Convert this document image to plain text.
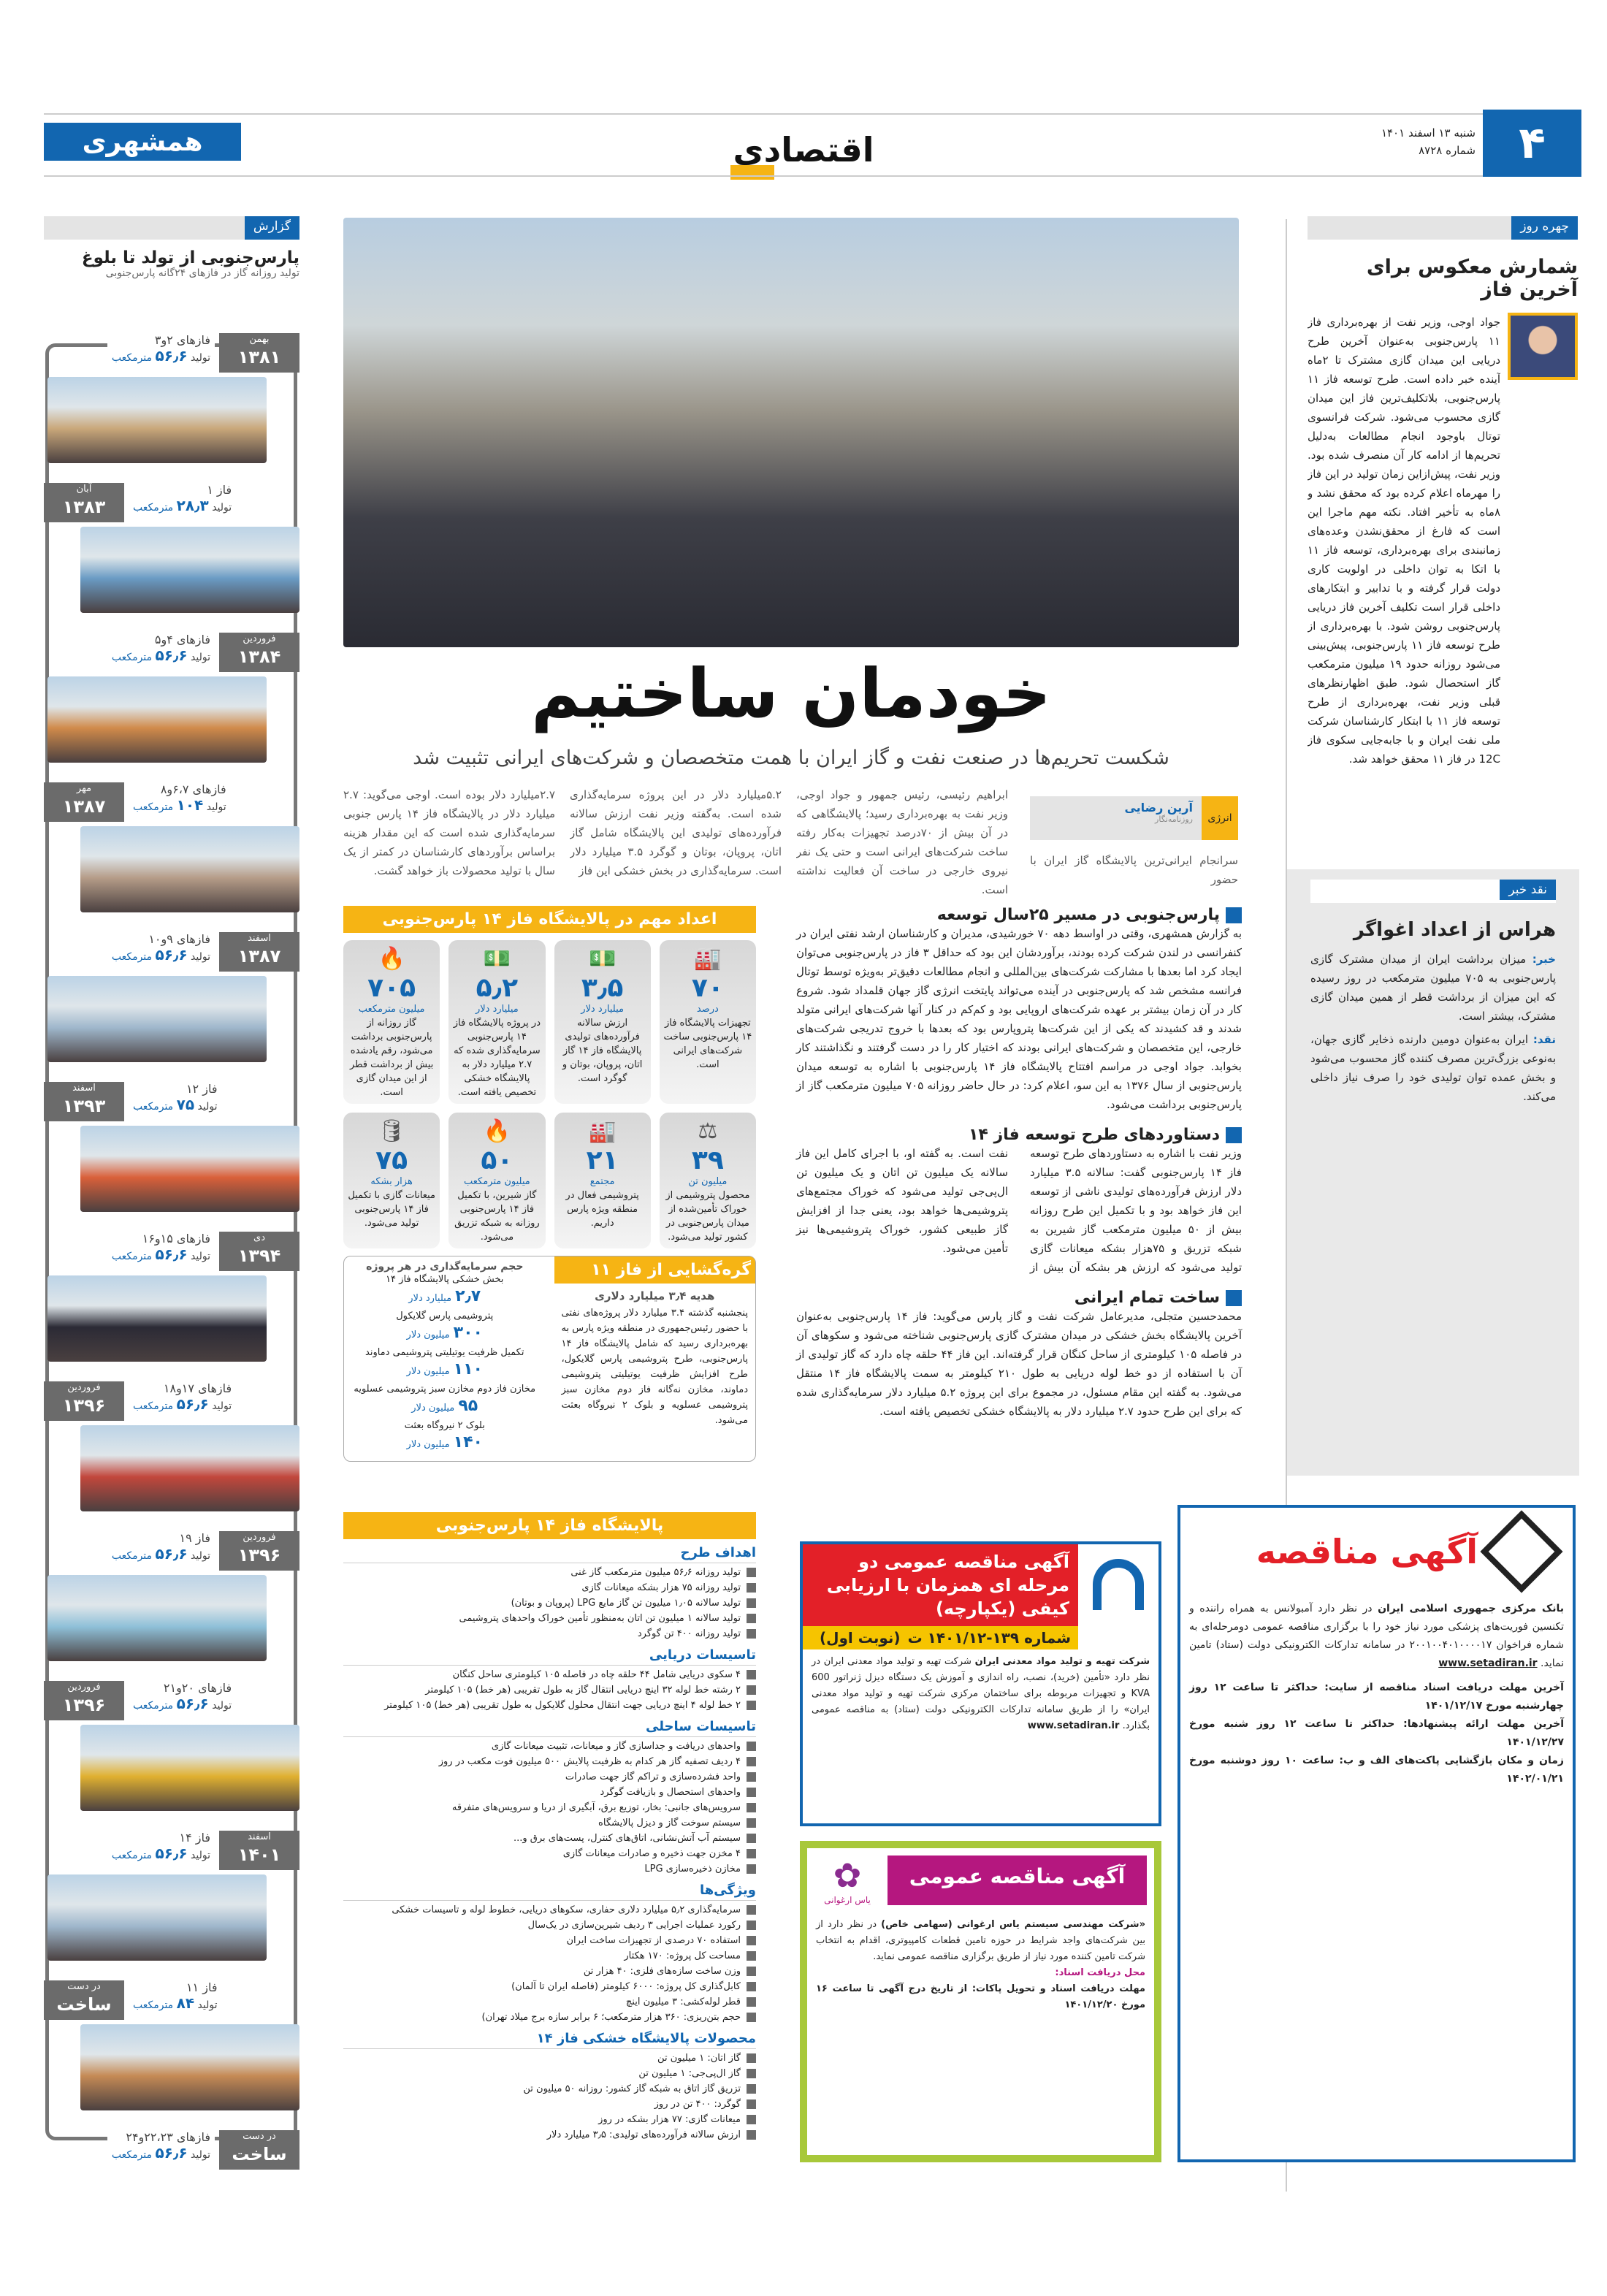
۴
شنبه ۱۳ اسفند ۱۴۰۱
شماره ۸۷۲۸
اقتصادی
همشهری
چهره روز
شمارش معکوس برای آخرین فاز
جواد اوجی، وزیر نفت از بهره‌برداری فاز ۱۱ پارس‌جنوبی به‌عنوان آخرین طرح دریایی این میدان گازی مشترک تا ۲ماه آینده خبر داده است. طرح توسعه فاز ۱۱ پارس‌جنوبی، بلاتکلیف‌ترین فاز این میدان گازی محسوب می‌شود. شرکت فرانسوی توتال باوجود انجام مطالعات به‌دلیل تحریم‌ها از ادامه کار آن منصرف شده بود. وزیر نفت، پیش‌ازاین زمان تولید در این فاز را مهرماه اعلام کرده بود که محقق نشد و ۸ماه به تأخیر افتاد. نکته مهم ماجرا این است که فارغ از محقق‌نشدن وعده‌های زمانبندی برای بهره‌برداری، توسعه فاز ۱۱ با اتکا به توان داخلی در اولویت کاری دولت قرار گرفته و با تدابیر و ابتکارهای داخلی قرار است تکلیف آخرین فاز دریایی پارس‌جنوبی روشن شود. با بهره‌برداری از طرح توسعه فاز ۱۱ پارس‌جنوبی، پیش‌بینی می‌شود روزانه حدود ۱۹ میلیون مترمکعب گاز استحصال شود. طبق اظهارنظرهای قبلی وزیر نفت، بهره‌برداری از طرح توسعه فاز ۱۱ با ابتکار کارشناسان شرکت ملی نفت ایران و با جابه‌جایی سکوی فاز 12C در فاز ۱۱ محقق خواهد شد.
نقد خبر
هراس از اعداد اغواگر
خبر: میزان برداشت ایران از میدان مشترک گازی پارس‌جنوبی به ۷۰۵ میلیون مترمکعب در روز رسیده که این میزان از برداشت قطر از همین میدان گازی مشترک، بیشتر است.
نقد: ایران به‌عنوان دومین دارنده ذخایر گازی جهان، به‌نوعی بزرگ‌ترین مصرف کننده گاز محسوب می‌شود و بخش عمده توان تولیدی خود را صرف نیاز داخلی می‌کند.
خودمان ساختیم
شکست تحریم‌ها در صنعت نفت و گاز ایران با همت متخصصان و شرکت‌های ایرانی تثبیت شد
انرژی
آرین رضایی
روزنامه‌نگار
سرانجام ایرانی‌ترین پالایشگاه گاز ایران با حضور
ابراهیم رئیسی، رئیس جمهور و جواد اوجی، وزیر نفت به بهره‌برداری رسید؛ پالایشگاهی که در آن بیش از ۷۰درصد تجهیزات به‌کار رفته ساخت شرکت‌های ایرانی است و حتی یک نفر نیروی خارجی در ساخت آن فعالیت نداشته است.
۵.۲میلیارد دلار در این پروژه سرمایه‌گذاری شده است. به‌گفته وزیر نفت ارزش سالانه فرآورده‌های تولیدی این پالایشگاه شامل گاز اتان، پروپان، بوتان و گوگرد ۳.۵ میلیارد دلار است. سرمایه‌گذاری در بخش خشکی این فاز
۲.۷میلیارد دلار بوده است. اوجی می‌گوید: ۲.۷ میلیارد دلار در پالایشگاه فاز ۱۴ پارس جنوبی سرمایه‌گذاری شده است که این مقدار هزینه براساس برآوردهای کارشناسان در کمتر از یک سال با تولید محصولات باز خواهد گشت.
پارس‌جنوبی در مسیر ۲۵سال توسعه
به گزارش همشهری، وقتی در اواسط دهه ۷۰ خورشیدی، مدیران و کارشناسان ارشد نفتی ایران در کنفرانسی در لندن شرکت کرده بودند، برآوردشان این بود که حداقل ۳ فاز در پارس‌جنوبی می‌توان ایجاد کرد اما بعدها با مشارکت شرکت‌های بین‌المللی و انجام مطالعات دقیق‌تر به‌ویژه توسط توتال فرانسه مشخص شد که پارس‌جنوبی در آینده می‌تواند پایتخت انرژی گاز جهان قلمداد شود. شروع کار در آن زمان بیشتر بر عهده شرکت‌های اروپایی بود و کم‌کم در کنار آنها شرکت‌های ایرانی متولد شدند و قد کشیدند که یکی از این شرکت‌ها پتروپارس بود که بعدها با خروج تدریجی شرکت‌های خارجی، این متخصصان و شرکت‌های ایرانی بودند که اختیار کار را در دست گرفتند و نگذاشتند کار بخوابد. جواد اوجی در مراسم افتتاح پالایشگاه فاز ۱۴ پارس‌جنوبی با اشاره به توسعه میدان پارس‌جنوبی از سال ۱۳۷۶ به این سو، اعلام کرد: در حال حاضر روزانه ۷۰۵ میلیون مترمکعب گاز از پارس‌جنوبی برداشت می‌شود.
دستاوردهای طرح توسعه فاز ۱۴
وزیر نفت با اشاره به دستاوردهای طرح توسعه فاز ۱۴ پارس‌جنوبی گفت: سالانه ۳.۵ میلیارد دلار ارزش فرآورده‌های تولیدی ناشی از توسعه این فاز خواهد بود و با تکمیل این طرح روزانه بیش از ۵۰ میلیون مترمکعب گاز شیرین به شبکه تزریق و ۷۵هزار بشکه میعانات گازی تولید می‌شود که ارزش هر بشکه آن بیش از نفت است. به گفته او، با اجرای کامل این فاز سالانه یک میلیون تن اتان و یک میلیون تن ال‌پی‌جی تولید می‌شود که خوراک مجتمع‌های پتروشیمی‌ها خواهد بود، یعنی جدا از افزایش گاز طبیعی کشور، خوراک پتروشیمی‌ها نیز تأمین می‌شود.
ساخت تمام ایرانی
محمدحسین متجلی، مدیرعامل شرکت نفت و گاز پارس می‌گوید: فاز ۱۴ پارس‌جنوبی به‌عنوان آخرین پالایشگاه بخش خشکی در میدان مشترک گازی پارس‌جنوبی شناخته می‌شود و سکوهای آن در فاصله ۱۰۵ کیلومتری از ساحل کنگان قرار گرفته‌اند. این فاز ۴۴ حلقه چاه دارد که گاز تولیدی از آن با استفاده از دو خط لوله دریایی به طول ۲۱۰ کیلومتر به سمت پالایشگاه فاز ۱۴ منتقل می‌شود. به گفته این مقام مسئول، در مجموع برای این پروژه ۵.۲ میلیارد دلار سرمایه‌گذاری شده که برای این طرح حدود ۲.۷ میلیارد دلار به پالایشگاه خشکی تخصیص یافته است.
اعداد مهم در پالایشگاه فاز ۱۴ پارس‌جنوبی
🏭
۷۰
درصد
تجهیزات پالایشگاه فاز ۱۴ پارس‌جنوبی ساخت شرکت‌های ایرانی است.
💵
۳٫۵
میلیارد دلار
ارزش سالانه فرآورده‌های تولیدی پالایشگاه فاز ۱۴ گاز اتان، پروپان، بوتان و گوگرد است.
💵
۵٫۲
میلیارد دلار
در پروژه پالایشگاه فاز ۱۴ پارس‌جنوبی سرمایه‌گذاری شده که ۲.۷ میلیارد دلار به پالایشگاه خشکی تخصیص یافته است.
🔥
۷۰۵
میلیون مترمکعب
گاز روزانه از پارس‌جنوبی برداشت می‌شود، رقم یادشده بیش از برداشت قطر از این میدان گازی است.
⚖
۳۹
میلیون تن
محصول پتروشیمی از خوراک تأمین‌شده از میدان پارس‌جنوبی در کشور تولید می‌شود.
🏭
۲۱
مجتمع
پتروشیمی فعال در منطقه ویژه پارس داریم.
🔥
۵۰
میلیون مترمکعب
گاز شیرین، با تکمیل فاز ۱۴ پارس‌جنوبی روزانه به شبکه تزریق می‌شود.
🛢
۷۵
هزار بشکه
میعانات گازی با تکمیل فاز ۱۴ پارس‌جنوبی تولید می‌شود.
گره‌گشایی از فاز ۱۱
هدیه ۳٫۴ میلیارد دلاری
پنجشنبه گذشته ۳.۴ میلیارد دلار پروژه‌های نفتی با حضور رئیس‌جمهوری در منطقه ویژه پارس به بهره‌برداری رسید که شامل پالایشگاه فاز ۱۴ پارس‌جنوبی، طرح پتروشیمی پارس گلایکول، طرح افزایش ظرفیت یوتیلیتی پتروشیمی دماوند، مخازن نه‌گانه فاز دوم مخازن سبز پتروشیمی عسلویه و بلوک ۲ نیروگاه بعثت می‌شود.
حجم سرمایه‌گذاری در هر پروژه
بخش خشکی پالایشگاه فاز ۱۴
۲٫۷ میلیارد دلار
پتروشیمی پارس گلایکول
۳۰۰ میلیون دلار
تکمیل ظرفیت یوتیلیتی پتروشیمی دماوند
۱۱۰ میلیون دلار
مخازن فاز دوم مخازن سبز پتروشیمی عسلویه
۹۵ میلیون دلار
بلوک ۲ نیروگاه بعثت
۱۴۰ میلیون دلار
پالایشگاه فاز ۱۴ پارس‌جنوبی
اهداف طرح
تولید روزانه ۵۶٫۶ میلیون مترمکعب گاز غنی
تولید روزانه ۷۵ هزار بشکه میعانات گازی
تولید سالانه ۱٫۰۵ میلیون تن گاز مایع LPG (پروپان و بوتان)
تولید سالانه ۱ میلیون تن اتان به‌منظور تأمین خوراک واحدهای پتروشیمی
تولید روزانه ۴۰۰ تن گوگرد
تاسیسات دریایی
۴ سکوی دریایی شامل ۴۴ حلقه چاه در فاصله ۱۰۵ کیلومتری ساحل کنگان
۲ رشته خط لوله ۳۲ اینچ دریایی انتقال گاز به طول تقریبی (هر خط) ۱۰۵ کیلومتر
۲ خط لوله ۴ اینچ دریایی جهت انتقال محلول گلایکول به طول تقریبی (هر خط) ۱۰۵ کیلومتر
تاسیسات ساحلی
واحدهای دریافت و جداسازی گاز و میعانات، تثبیت میعانات گازی
۴ ردیف تصفیه گاز هر کدام به ظرفیت پالایش ۵۰۰ میلیون فوت مکعب در روز
واحد فشرده‌سازی و تراکم گاز جهت صادرات
واحدهای استحصال و بازیافت گوگرد
سرویس‌های جانبی: بخار، توزیع برق، آبگیری از دریا و سرویس‌های متفرقه
سیستم سوخت گاز و دیزل پالایشگاه
سیستم آب آتش‌نشانی، اتاق‌های کنترل، پست‌های برق و...
۴ مخزن جهت ذخیره و صادرات میعانات گازی
مخازن ذخیره‌سازی LPG
ویژگی‌ها
سرمایه‌گذاری ۵٫۲ میلیارد دلاری حفاری، سکوهای دریایی، خطوط لوله و تاسیسات خشکی
رکورد عملیات اجرایی ۳ ردیف شیرین‌سازی در یک‌سال
استفاده ۷۰ درصدی از تجهیزات ساخت ایران
مساحت کل پروژه: ۱۷۰ هکتار
وزن ساخت سازه‌های فلزی: ۴۰ هزار تن
کابل‌گذاری کل پروژه: ۶۰۰۰ کیلومتر (فاصله ایران تا آلمان)
قطر لوله‌کشی: ۳ میلیون اینچ
حجم بتن‌ریزی: ۳۶۰ هزار مترمکعب؛ ۶ برابر سازه برج میلاد تهران)
محصولات پالایشگاه خشکی فاز ۱۴
گاز اتان: ۱ میلیون تن
گاز ال‌پی‌جی: ۱ میلیون تن
تزریق گاز اتاق به شبکه گاز کشور: روزانه ۵۰ میلیون تن
گوگرد: ۴۰۰ تن در روز
میعانات گازی: ۷۷ هزار بشکه در روز
ارزش سالانه فرآورده‌های تولیدی: ۳٫۵ میلیارد دلار
آگهی مناقصه عمومی دو مرحله ای همزمان با ارزیابی کیفی (یکپارچه)
شماره ۱۳۹-۱۴۰۱/۱۲ ت
(نوبت اول)
شرکت تهیه و تولید مواد معدنی ایران شرکت تهیه و تولید مواد معدنی ایران در نظر دارد «تأمین (خرید)، نصب، راه اندازی و آموزش یک دستگاه دیزل ژنراتور 600 KVA و تجهیزات مربوطه برای ساختمان مرکزی شرکت تهیه و تولید مواد معدنی ایران» را از طریق سامانه تدارکات الکترونیکی دولت (ستاد) به مناقصه عمومی بگذارد. www.setadiran.ir
آگهی مناقصه عمومی
✿
یاس ارغوانی
«شرکت مهندسی سیستم یاس ارغوانی (سهامی خاص) در نظر دارد از بین شرکت‌های واجد شرایط در حوزه تامین قطعات کامپیوتری، اقدام به انتخاب شرکت تامین کننده مورد نیاز از طریق برگزاری مناقصه عمومی نماید.
محل دریافت اسناد:
مهلت دریافت اسناد و تحویل پاکات: از تاریخ درج آگهی تا ساعت ۱۶ مورخ ۱۴۰۱/۱۲/۲۰
آگهی مناقصه
بانک مرکزی جمهوری اسلامی ایران در نظر دارد آمبولانس به همراه راننده و تکنسین فوریت‌های پزشکی مورد نیاز خود را با برگزاری مناقصه عمومی دومرحله‌ای به شماره فراخوان ۲۰۰۱۰۰۴۰۱۰۰۰۰۱۷ در سامانه تدارکات الکترونیکی دولت (ستاد) تامین نماید. www.setadiran.ir
آخرین مهلت دریافت اسناد مناقصه از سایت: حداکثر تا ساعت ۱۲ روز چهارشنبه مورخ ۱۴۰۱/۱۲/۱۷
آخرین مهلت ارائه پیشنهادها: حداکثر تا ساعت ۱۲ روز شنبه مورخ ۱۴۰۱/۱۲/۲۷
زمان و مکان بازگشایی پاکت‌های الف و ب: ساعت ۱۰ روز دوشنبه مورخ ۱۴۰۲/۰۱/۲۱
گزارش
پارس‌جنوبی از تولد تا بلوغ
تولید روزانه گاز در فازهای ۲۴گانه پارس‌جنوبی
بهمن
۱۳۸۱
فازهای ۲و۳
تولید ۵۶٫۶ مترمکعب
آبان
۱۳۸۳
فاز ۱
تولید ۲۸٫۳ مترمکعب
فروردین
۱۳۸۴
فازهای ۴و۵
تولید ۵۶٫۶ مترمکعب
مهر
۱۳۸۷
فازهای ۶،۷و۸
تولید ۱۰۴ مترمکعب
اسفند
۱۳۸۷
فازهای ۹و۱۰
تولید ۵۶٫۶ مترمکعب
اسفند
۱۳۹۳
فاز ۱۲
تولید ۷۵ مترمکعب
دی
۱۳۹۴
فازهای ۱۵و۱۶
تولید ۵۶٫۶ مترمکعب
فروردین
۱۳۹۶
فازهای ۱۷و۱۸
تولید ۵۶٫۶ مترمکعب
فروردین
۱۳۹۶
فاز ۱۹
تولید ۵۶٫۶ مترمکعب
فروردین
۱۳۹۶
فازهای ۲۰و۲۱
تولید ۵۶٫۶ مترمکعب
اسفند
۱۴۰۱
فاز ۱۴
تولید ۵۶٫۶ مترمکعب
در دست
ساخت
فاز ۱۱
تولید ۸۴ مترمکعب
در دست
ساخت
فازهای ۲۲،۲۳و۲۴
تولید ۵۶٫۶ مترمکعب
